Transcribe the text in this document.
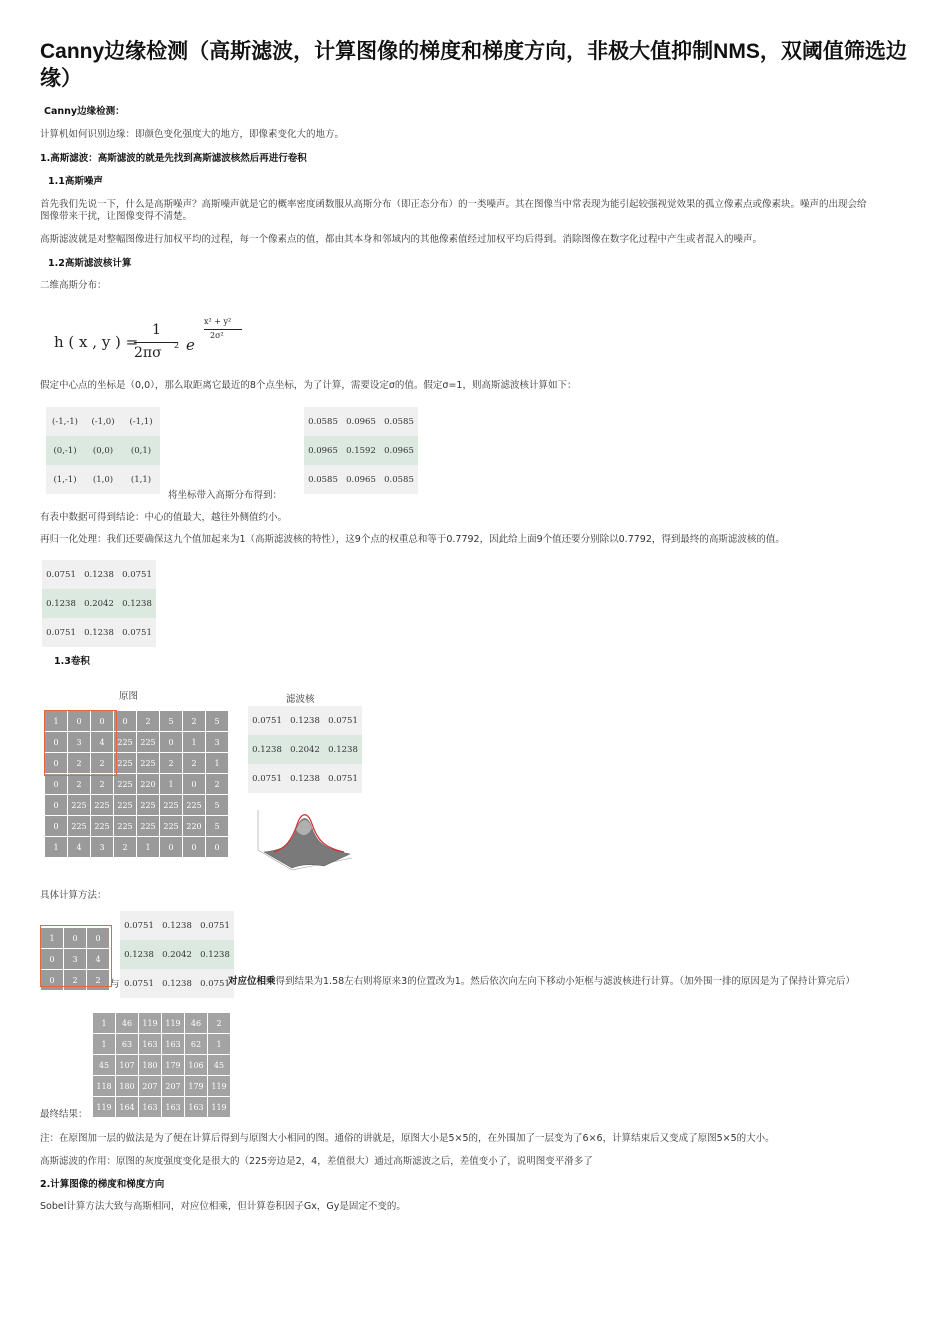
Canny边缘检测（高斯滤波，计算图像的梯度和梯度方向，非极大值抑制NMS，双阈值筛选边缘）
Canny边缘检测：
计算机如何识别边缘：即颜色变化强度大的地方，即像素变化大的地方。
1.高斯滤波：高斯滤波的就是先找到高斯滤波核然后再进行卷积
1.1高斯噪声
首先我们先说一下，什么是高斯噪声？高斯噪声就是它的概率密度函数服从高斯分布（即正态分布）的一类噪声。其在图像当中常表现为能引起较强视觉效果的孤立像素点或像素块。噪声的出现会给图像带来干扰，让图像变得不清楚。
高斯滤波就是对整幅图像进行加权平均的过程，每一个像素点的值，都由其本身和邻域内的其他像素值经过加权平均后得到。消除图像在数字化过程中产生或者混入的噪声。
1.2高斯滤波核计算
二维高斯分布：
h ( x , y ) =
1
2πσ 2 e
x² + y²
2σ²
假定中心点的坐标是（0,0），那么取距离它最近的8个点坐标，为了计算，需要设定σ的值。假定σ=1，则高斯滤波核计算如下：
(-1,-1)	(-1,0)	(-1,1)
(0,-1)	(0,0)	(0,1)
(1,-1)	(1,0)	(1,1)
将坐标带入高斯分布得到：
0.0585	0.0965	0.0585
0.0965	0.1592	0.0965
0.0585	0.0965	0.0585
有表中数据可得到结论：中心的值最大，越往外侧值约小。
再归一化处理：我们还要确保这九个值加起来为1（高斯滤波核的特性），这9个点的权重总和等于0.7792，因此给上面9个值还要分别除以0.7792，得到最终的高斯滤波核的值。
0.0751	0.1238	0.0751
0.1238	0.2042	0.1238
0.0751	0.1238	0.0751
1.3卷积
原图
1	0	0	0	2	5	2	5
0	3	4	225	225	0	1	3
0	2	2	225	225	2	2	1
0	2	2	225	220	1	0	2
0	225	225	225	225	225	225	5
0	225	225	225	225	225	220	5
1	4	3	2	1	0	0	0
滤波核
0.0751	0.1238	0.0751
0.1238	0.2042	0.1238
0.0751	0.1238	0.0751
具体计算方法：
1	0	0
0	3	4
0	2	2 与
0.0751	0.1238	0.0751
0.1238	0.2042	0.1238
0.0751	0.1238	0.0751
对应位相乘得到结果为1.58左右则将原来3的位置改为1。然后依次向左向下移动小矩框与滤波核进行计算。（加外围一排的原因是为了保持计算完后）
1	46	119	119	46	2
1	63	163	163	62	1
45	107	180	179	106	45
118	180	207	207	179	119
119	164	163	163	163	119
最终结果：
注：在原图加一层的做法是为了便在计算后得到与原图大小相同的图。通俗的讲就是，原图大小是5×5的，在外围加了一层变为了6×6，计算结束后又变成了原图5×5的大小。
高斯滤波的作用：原图的灰度强度变化是很大的（225旁边是2，4，差值很大）通过高斯滤波之后，差值变小了，说明图变平滑多了
2.计算图像的梯度和梯度方向
Sobel计算方法大致与高斯相同，对应位相乘，但计算卷积因子Gx，Gy是固定不变的。
